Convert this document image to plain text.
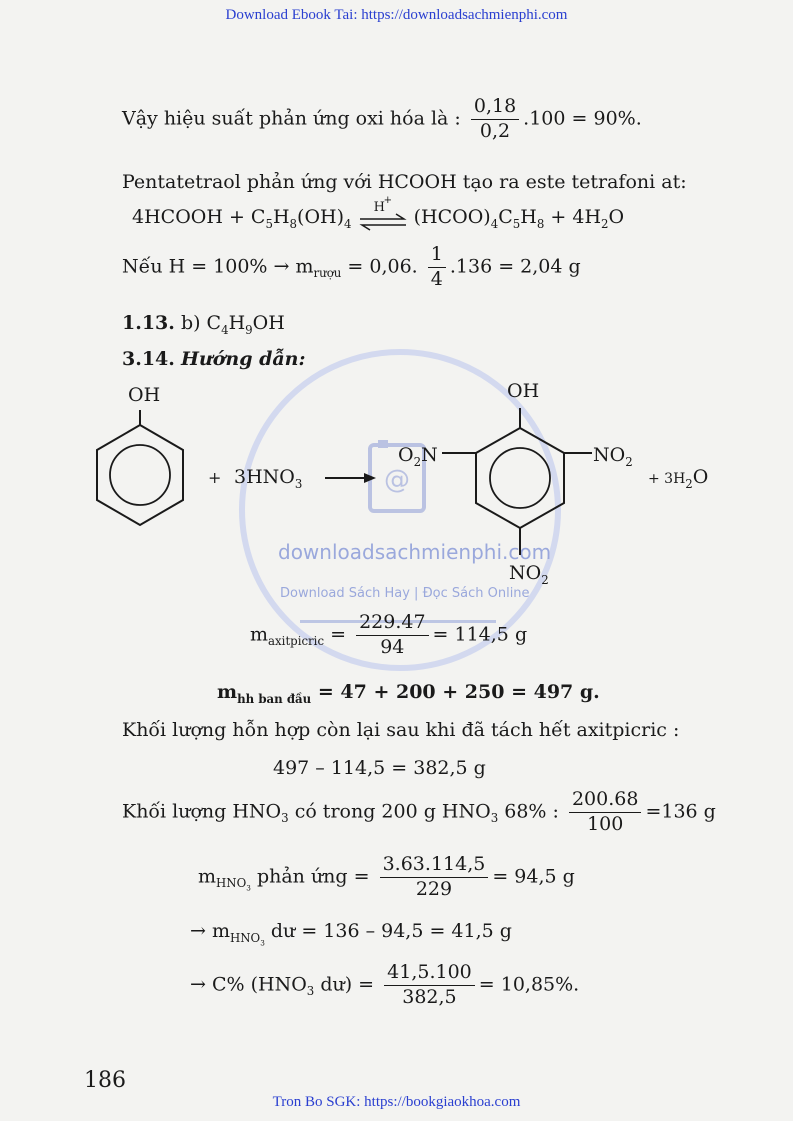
Download Ebook Tai: https://downloadsachmienphi.com
@
downloadsachmienphi.com
Download Sách Hay | Đọc Sách Online
Vậy hiệu suất phản ứng oxi hóa là : $\frac{0,18}{0,2} .100 = 90\%$.
Pentatetraol phản ứng với HCOOH tạo ra este tetrafoni at:
4HCOOH + $C_5H_8(OH)_4$
H
+
$(HCOO)_4C_5H_8 + 4H_2O$
Nếu $H = 100\% \to m_{rượu} = 0,06$. $\frac{1}{4} .136 = 2,04$ g
1.13. b) $C_4H_9OH$
3.14. Hướng dẫn:
OH
+ $3HNO_3$
OH
$O_2N$	$NO_2$
$NO_2$
+ $3H_2O$
$m_{axitpicric} = \frac{229.47}{94} = 114,5$ g
$m_{hh ban đầu} = 47 + 200 + 250 = 497$ g.
Khối lượng hỗn hợp còn lại sau khi đã tách hết axitpicric :
497 – 114,5 = 382,5 g
Khối lượng $HNO_3$ có trong 200 g $HNO_3$ 68% : $\frac{200.68}{100} =136$ g
$m_{HNO_3}$ phản ứng = $\frac{3.63.114,5}{229} = 94,5$ g
→ $m_{HNO_3}$ dư = 136 – 94,5 = 41,5 g
→ C% ($HNO_3$ dư) = $\frac{41,5.100}{382,5} = 10,85\%$.
186
Tron Bo SGK: https://bookgiaokhoa.com
